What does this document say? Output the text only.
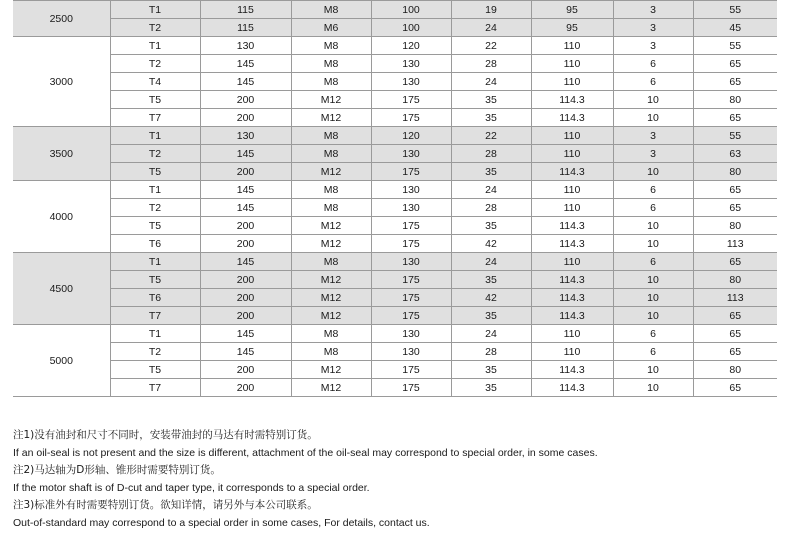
2500	T1	115	M8	100	19	95	3	55
	T2	115	M6	100	24	95	3	45
3000	T1	130	M8	120	22	110	3	55
	T2	145	M8	130	28	110	6	65
	T4	145	M8	130	24	110	6	65
	T5	200	M12	175	35	114.3	10	80
	T7	200	M12	175	35	114.3	10	65
3500	T1	130	M8	120	22	110	3	55
	T2	145	M8	130	28	110	3	63
	T5	200	M12	175	35	114.3	10	80
4000	T1	145	M8	130	24	110	6	65
	T2	145	M8	130	28	110	6	65
	T5	200	M12	175	35	114.3	10	80
	T6	200	M12	175	42	114.3	10	113
4500	T1	145	M8	130	24	110	6	65
	T5	200	M12	175	35	114.3	10	80
	T6	200	M12	175	42	114.3	10	113
	T7	200	M12	175	35	114.3	10	65
5000	T1	145	M8	130	24	110	6	65
	T2	145	M8	130	28	110	6	65
	T5	200	M12	175	35	114.3	10	80
	T7	200	M12	175	35	114.3	10	65
注1)没有油封和尺寸不同时，安装带油封的马达有时需特别订货。
If an oil-seal is not present and the size is different, attachment of the oil-seal may correspond to special order, in some cases.
注2)马达轴为D形轴、锥形时需要特别订货。
If the motor shaft is of D-cut and taper type, it corresponds to a special order.
注3)标准外有时需要特别订货。欲知详情，请另外与本公司联系。
Out-of-standard may correspond to a special order in some cases, For details, contact us.
